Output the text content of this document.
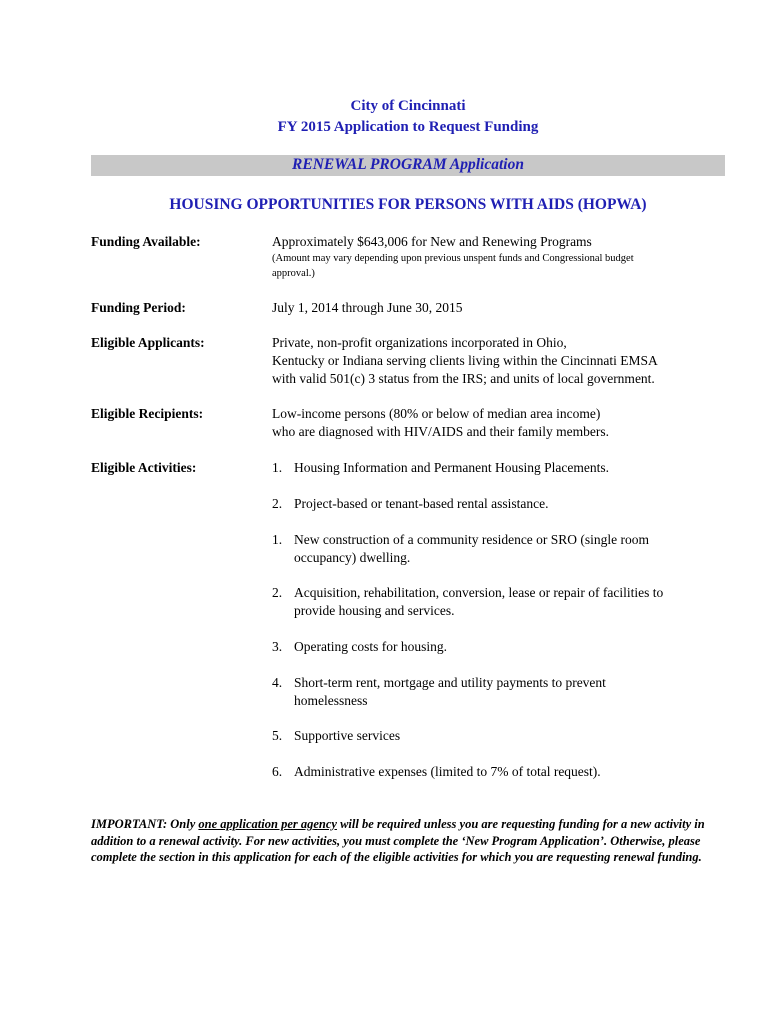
City of Cincinnati
FY 2015 Application to Request Funding
RENEWAL PROGRAM Application
HOUSING OPPORTUNITIES FOR PERSONS WITH AIDS (HOPWA)
Funding Available:	Approximately $643,006 for New and Renewing Programs
(Amount may vary depending upon previous unspent funds and Congressional budget
approval.)
Funding Period:	July 1, 2014 through June 30, 2015
Eligible Applicants:	Private, non-profit organizations incorporated in Ohio,
Kentucky or Indiana serving clients living within the Cincinnati EMSA
with valid 501(c) 3 status from the IRS; and units of local government.
Eligible Recipients:	Low-income persons (80% or below of median area income)
who are diagnosed with HIV/AIDS and their family members.
Eligible Activities:	1. Housing Information and Permanent Housing Placements.
2. Project-based or tenant-based rental assistance.
1. New construction of a community residence or SRO (single room
occupancy) dwelling.
2. Acquisition, rehabilitation, conversion, lease or repair of facilities to
provide housing and services.
3. Operating costs for housing.
4. Short-term rent, mortgage and utility payments to prevent
homelessness
5. Supportive services
6. Administrative expenses (limited to 7% of total request).
IMPORTANT: Only one application per agency will be required unless you are requesting funding for a new activity in addition to a renewal activity. For new activities, you must complete the ‘New Program Application’. Otherwise, please complete the section in this application for each of the eligible activities for which you are requesting renewal funding.
